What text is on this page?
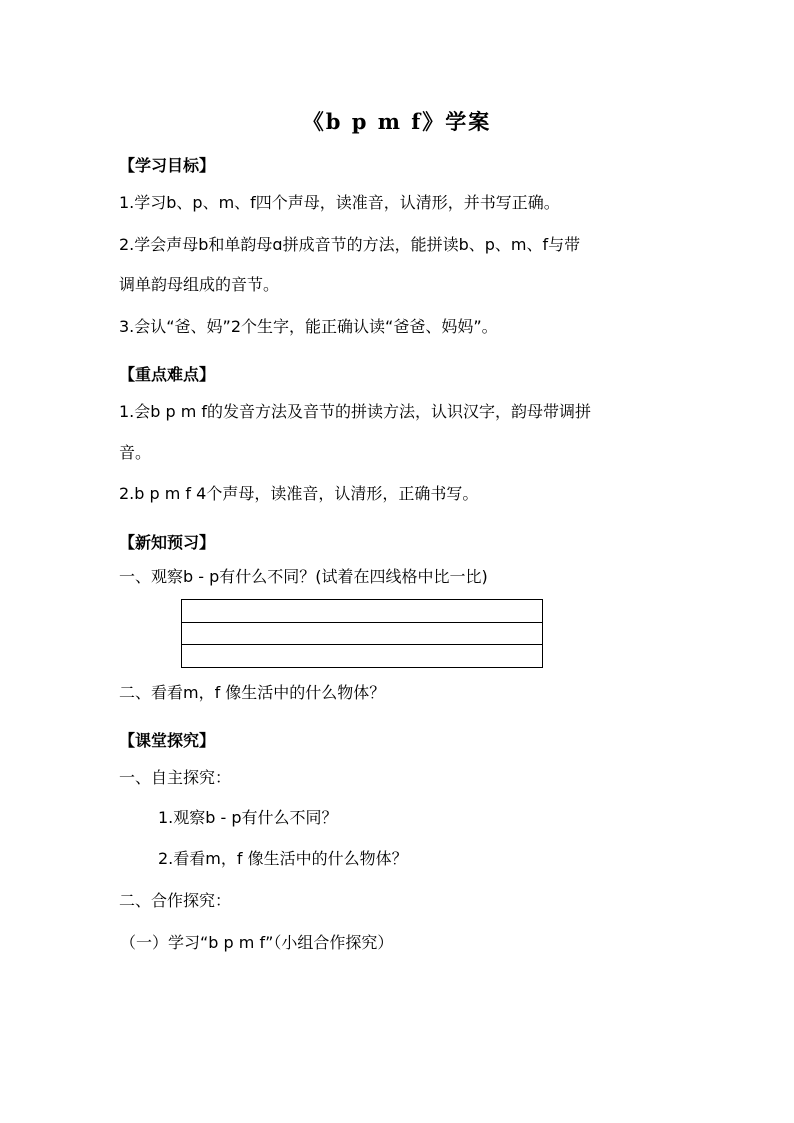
《b p m f》学案
【学习目标】
1.学习b、p、m、f四个声母，读准音，认清形，并书写正确。
2.学会声母b和单韵母ɑ拼成音节的方法，能拼读b、p、m、f与带
调单韵母组成的音节。
3.会认“爸、妈”2个生字，能正确认读“爸爸、妈妈”。
【重点难点】
1.会b p m f的发音方法及音节的拼读方法，认识汉字，韵母带调拼
音。
2.b p m f 4个声母，读准音，认清形，正确书写。
【新知预习】
一、观察b - p有什么不同？(试着在四线格中比一比)
二、看看m，f 像生活中的什么物体？
【课堂探究】
一、自主探究：
1.观察b - p有什么不同？
2.看看m，f 像生活中的什么物体？
二、合作探究：
（一）学习“b p m f”（小组合作探究）
